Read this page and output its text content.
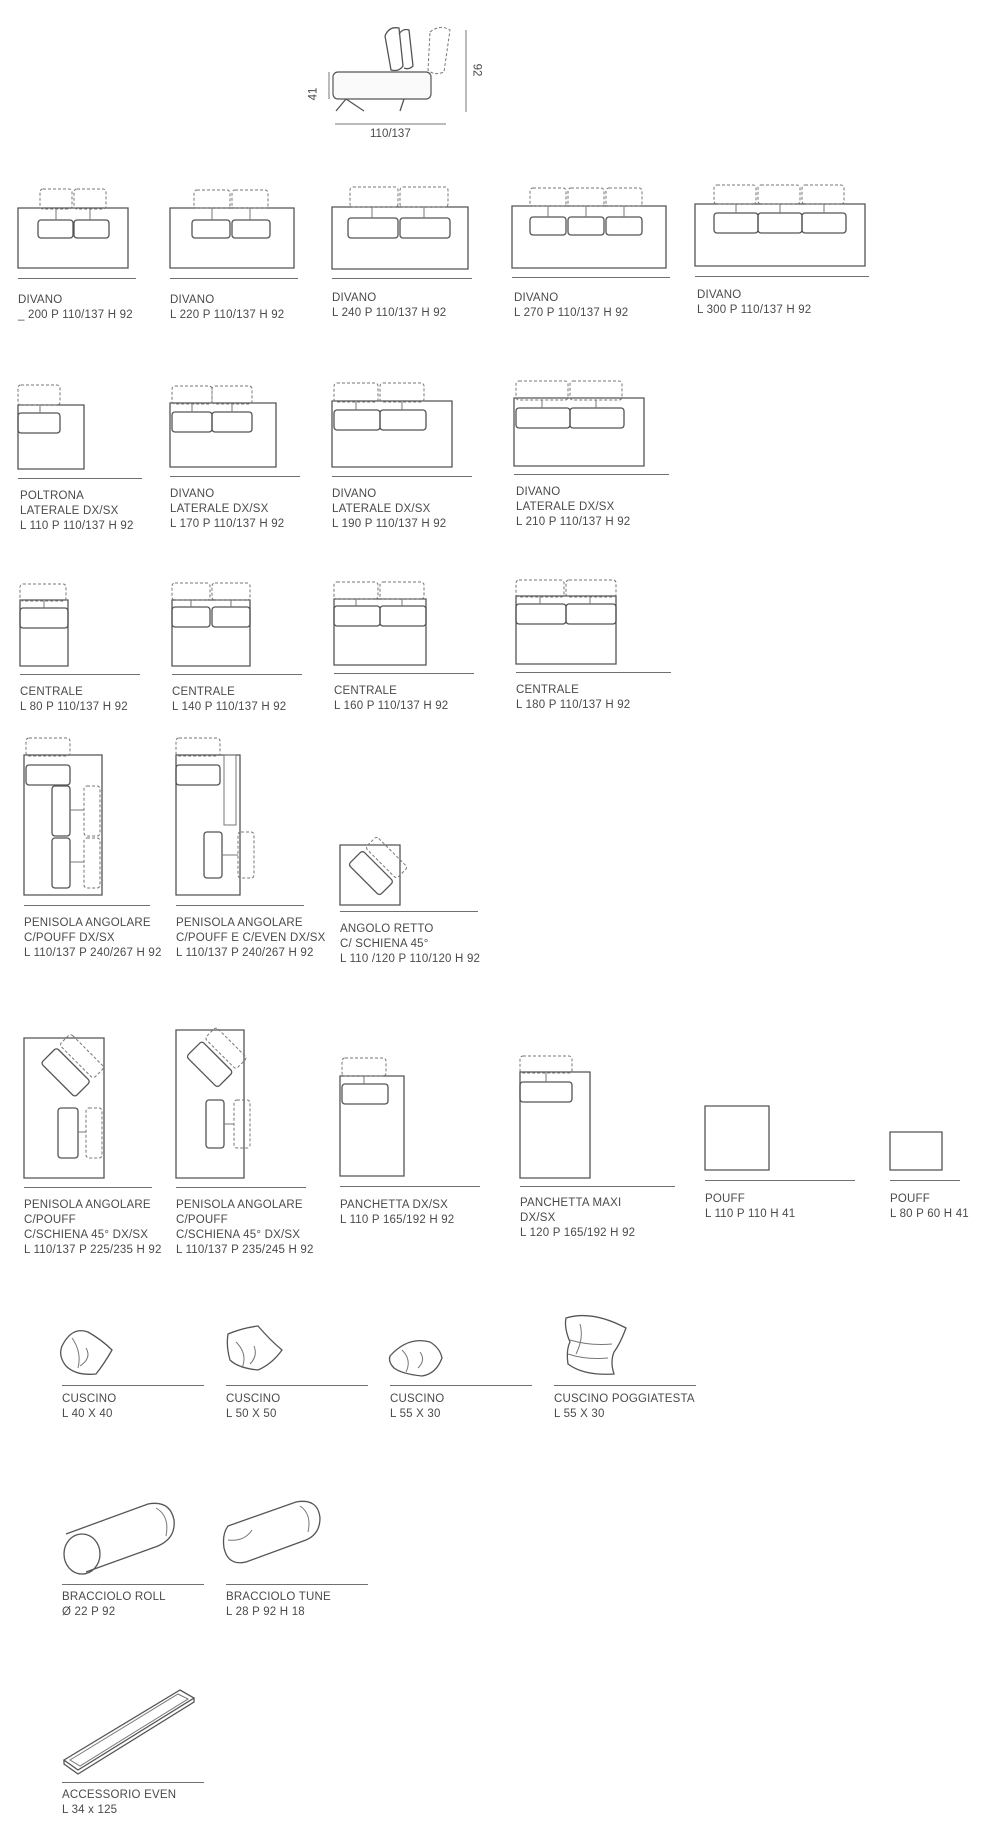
110/137
41
92
DIVANO
_ 200 P 110/137 H 92
DIVANO
L 220 P 110/137 H 92
DIVANO
L 240 P 110/137 H 92
DIVANO
L 270 P 110/137 H 92
DIVANO
L 300 P 110/137 H 92
POLTRONA
LATERALE DX/SX
L 110 P 110/137 H 92
DIVANO
LATERALE DX/SX
L 170 P 110/137 H 92
DIVANO
LATERALE DX/SX
L 190 P 110/137 H 92
DIVANO
LATERALE DX/SX
L 210 P 110/137 H 92
CENTRALE
L 80 P 110/137 H 92
CENTRALE
L 140 P 110/137 H 92
CENTRALE
L 160 P 110/137 H 92
CENTRALE
L 180 P 110/137 H 92
PENISOLA ANGOLARE
C/POUFF DX/SX
L 110/137 P 240/267 H 92
PENISOLA ANGOLARE
C/POUFF E C/EVEN DX/SX
L 110/137 P 240/267 H 92
ANGOLO RETTO
C/ SCHIENA 45°
L 110 /120 P 110/120 H 92
PENISOLA ANGOLARE
C/POUFF
C/SCHIENA 45° DX/SX
L 110/137 P 225/235 H 92
PENISOLA ANGOLARE
C/POUFF
C/SCHIENA 45° DX/SX
L 110/137 P 235/245 H 92
PANCHETTA DX/SX
L 110 P 165/192 H 92
PANCHETTA MAXI
DX/SX
L 120 P 165/192 H 92
POUFF
L 110 P 110 H 41
POUFF
L 80 P 60 H 41
CUSCINO
L 40 X 40
CUSCINO
L 50 X 50
CUSCINO
L 55 X 30
CUSCINO POGGIATESTA
L 55 X 30
BRACCIOLO ROLL
Ø 22 P 92
BRACCIOLO TUNE
L 28 P 92 H 18
ACCESSORIO EVEN
L 34 x 125
